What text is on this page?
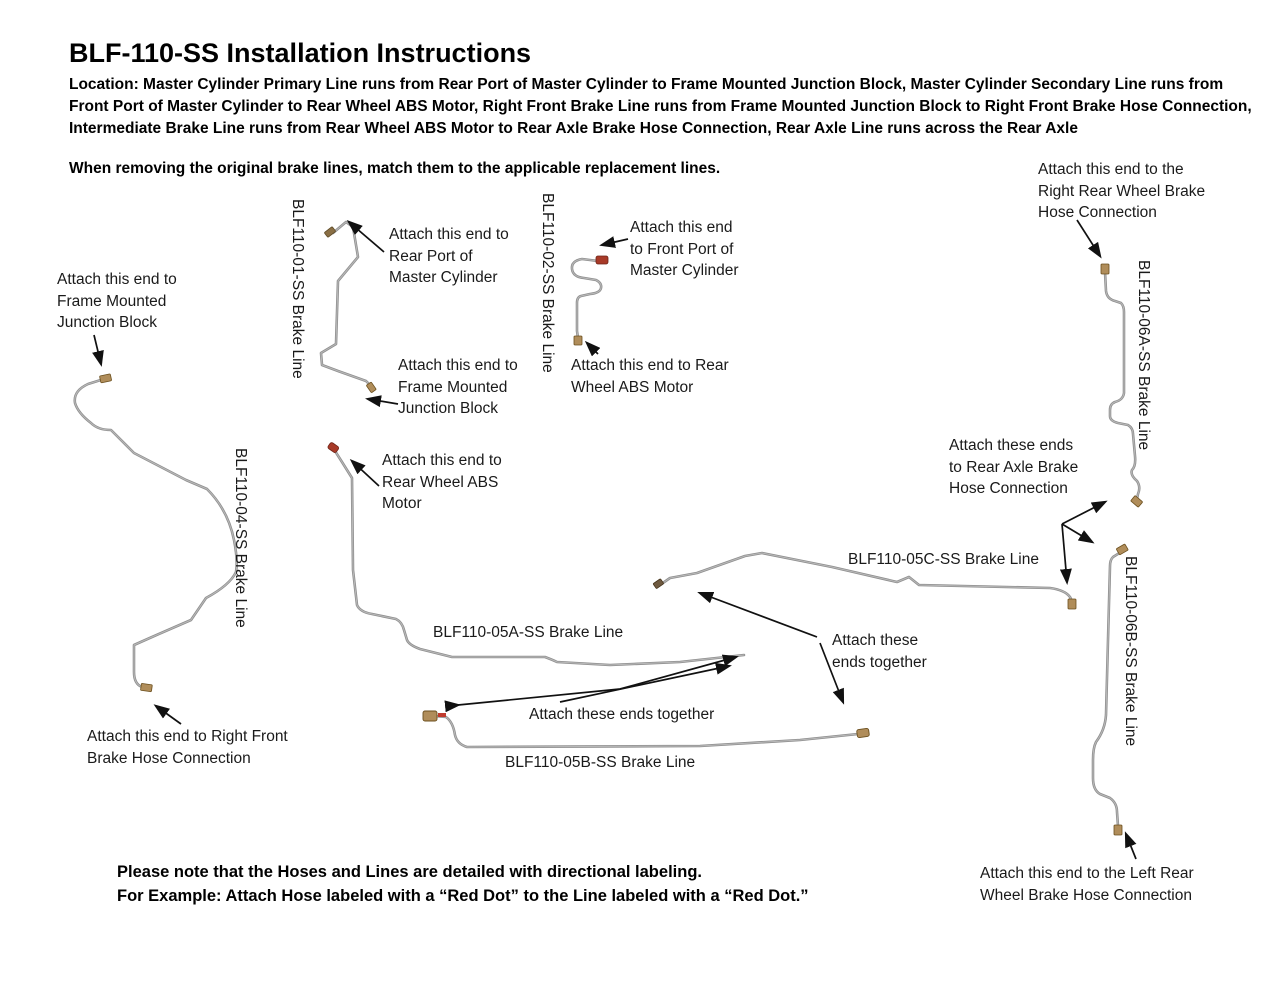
BLF-110-SS Installation Instructions
Location: Master Cylinder Primary Line runs from Rear Port of Master Cylinder to Frame Mounted Junction Block, Master Cylinder Secondary Line runs from Front Port of Master Cylinder to Rear Wheel ABS Motor, Right Front Brake Line runs from Frame Mounted Junction Block to Right Front Brake Hose Connection, Intermediate Brake Line runs from Rear Wheel ABS Motor to Rear Axle Brake Hose Connection, Rear Axle Line runs across the Rear Axle
When removing the original brake lines, match them to the applicable replacement lines.	Attach this end to the Right Rear Wheel Brake Hose Connection
Attach this end to Frame Mounted Junction Block
Attach this end to Rear Port of Master Cylinder
Attach this end to Front Port of Master Cylinder
Attach this end to Rear Wheel ABS Motor
Attach this end to Frame Mounted Junction Block
Attach this end to Rear Wheel ABS Motor
Attach these ends to Rear Axle Brake Hose Connection
Attach these ends together
Attach these ends together
Attach this end to Right Front Brake Hose Connection
Attach this end to the Left Rear Wheel Brake Hose Connection
BLF110-01-SS Brake Line	BLF110-02-SS Brake Line
BLF110-04-SS Brake Line
BLF110-06A-SS Brake Line
BLF110-06B-SS Brake Line
BLF110-05A-SS Brake Line
BLF110-05B-SS Brake Line
BLF110-05C-SS Brake Line
Please note that the Hoses and Lines are detailed with directional labeling.
For Example: Attach Hose labeled with a “Red Dot” to the Line labeled with a “Red Dot.”
